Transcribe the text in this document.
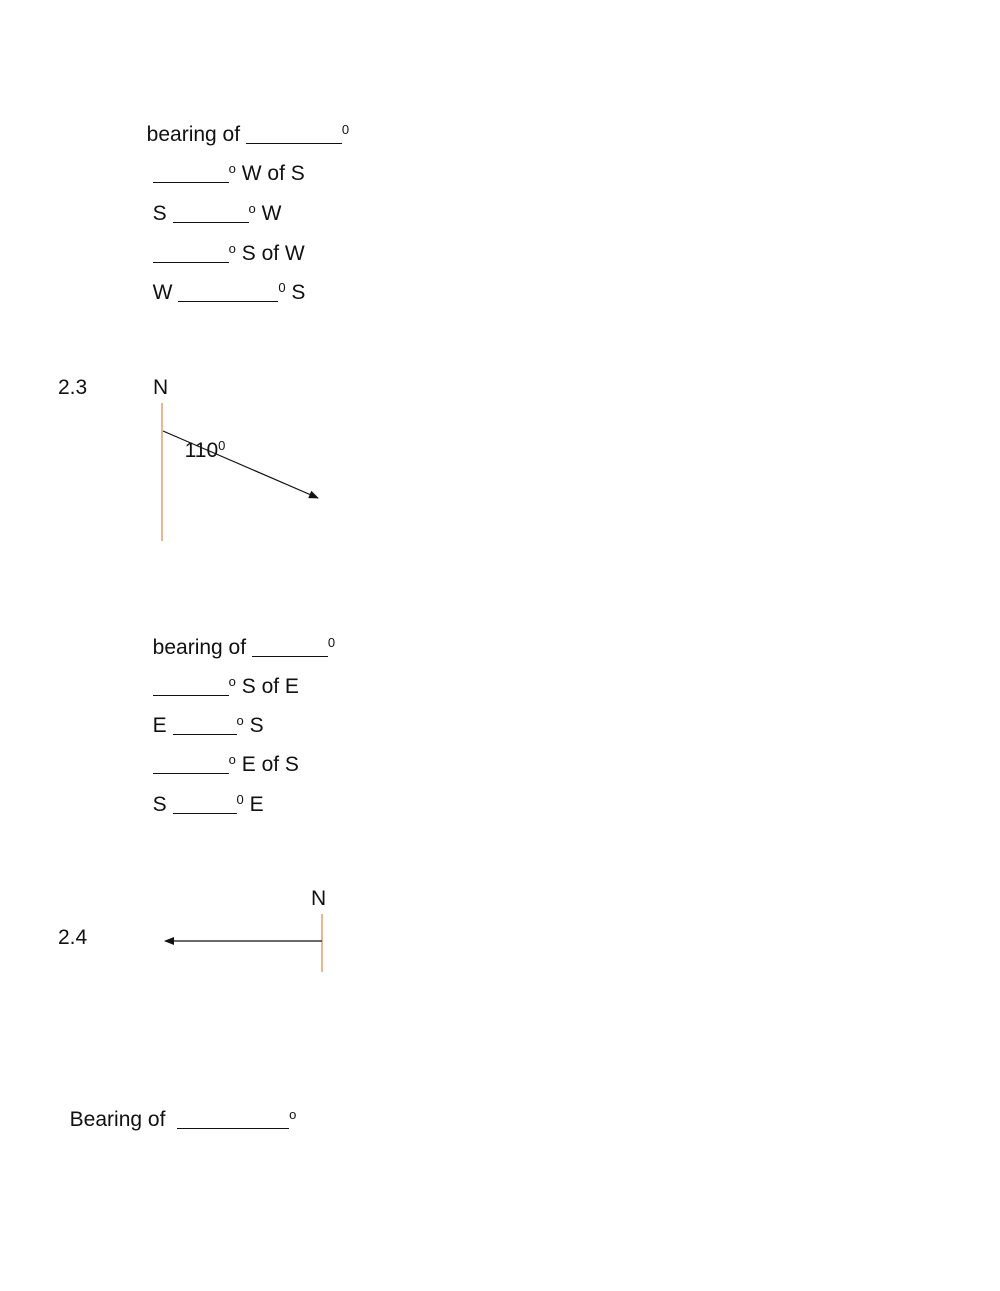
bearing of	$^0$

$^o$ W of S

S	$^o$ W

$^o$ S of W

W	$^0$ S

2.3	N

$110^0$

bearing of	$^0$

$^o$ S of E

E	$^o$ S

$^o$ E of S

S	$^0$ E

N
2.4

Bearing of	$^o$
